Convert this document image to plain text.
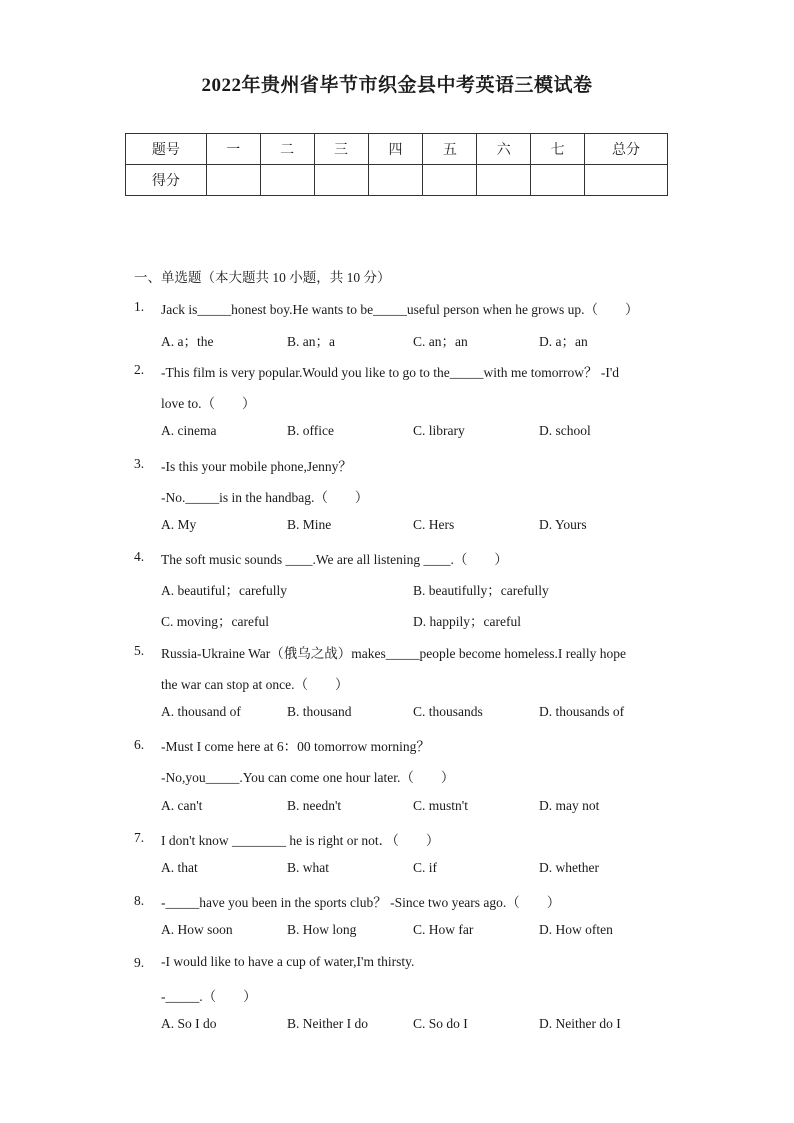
2022年贵州省毕节市织金县中考英语三模试卷
题号	一	二	三	四	五	六	七	总分
得分								
一、单选题（本大题共 10 小题，共 10 分）
1.	Jack is_____honest boy.He wants to be_____useful person when he grows up.（　　）
A. a；the	B. an；a	C. an；an	D. a；an
2.	-This film is very popular.Would you like to go to the_____with me tomorrow？ -I'd
love to.（　　）
A. cinema	B. office	C. library	D. school
3.	-Is this your mobile phone,Jenny？
-No._____is in the handbag.（　　）
A. My	B. Mine	C. Hers	D. Yours
4.	The soft music sounds ____.We are all listening ____.（　　）
A. beautiful；carefully	B. beautifully；carefully
C. moving；careful	D. happily；careful
5.	Russia-Ukraine War（俄乌之战）makes_____people become homeless.I really hope
the war can stop at once.（　　）
A. thousand of	B. thousand	C. thousands	D. thousands of
6.	-Must I come here at 6：00 tomorrow morning？
-No,you_____.You can come one hour later.（　　）
A. can't	B. needn't	C. mustn't	D. may not
7.	I don't know ________ he is right or not．（　　）
A. that	B. what	C. if	D. whether
8.	-_____have you been in the sports club？ -Since two years ago.（　　）
A. How soon	B. How long	C. How far	D. How often
9.	-I would like to have a cup of water,I'm thirsty.
-_____.（　　）
A. So I do	B. Neither I do	C. So do I	D. Neither do I
